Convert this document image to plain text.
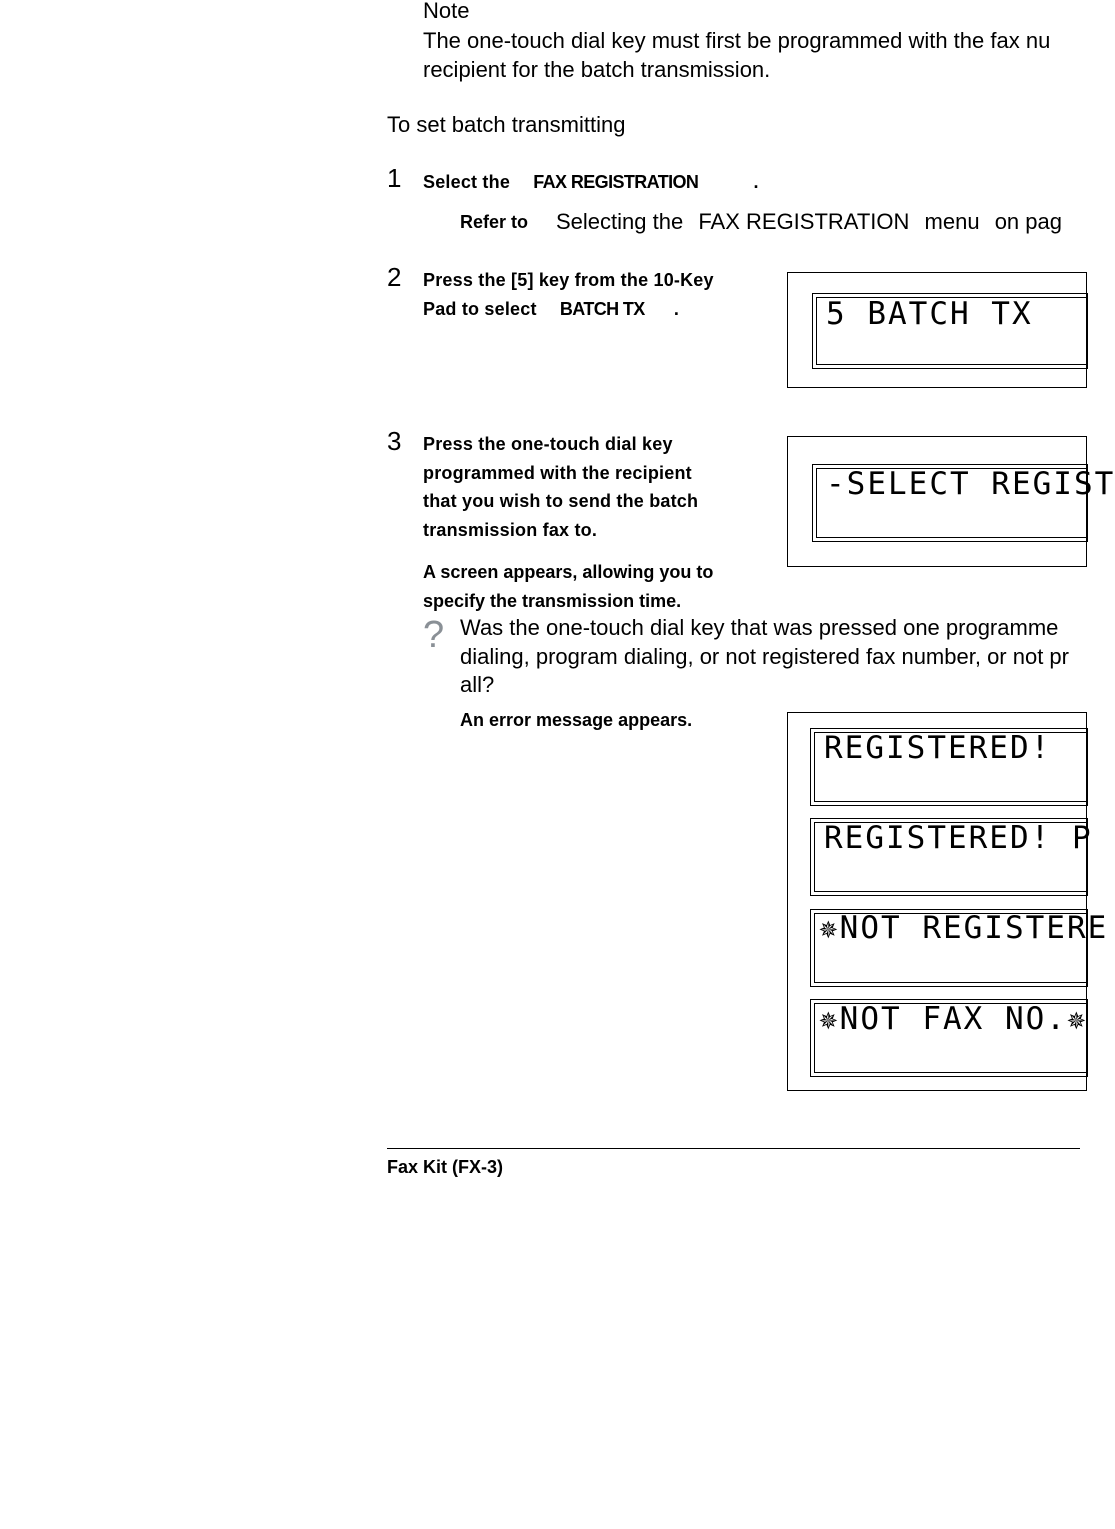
Note
The one-touch dial key must first be programmed with the fax nu
recipient for the batch transmission.
To set batch transmitting
1 Select the FAX REGISTRATION	.
Refer to Selecting the FAX REGISTRATION menu on pag
2 Press the [5] key from the 10-Key
Pad to select BATCH TX .	5 BATCH TX
3 Press the one-touch dial key
programmed with the recipient
that you wish to send the batch
transmission fax to.
A screen appears, allowing you to
specify the transmission time.
-SELECT REGIST
? Was the one-touch dial key that was pressed one programme
dialing, program dialing, or not registered fax number, or not pr
all?
An error message appears.
REGISTERED!
REGISTERED! P
✵NOT REGISTERE
✵NOT FAX NO.✵
Fax Kit (FX-3)
